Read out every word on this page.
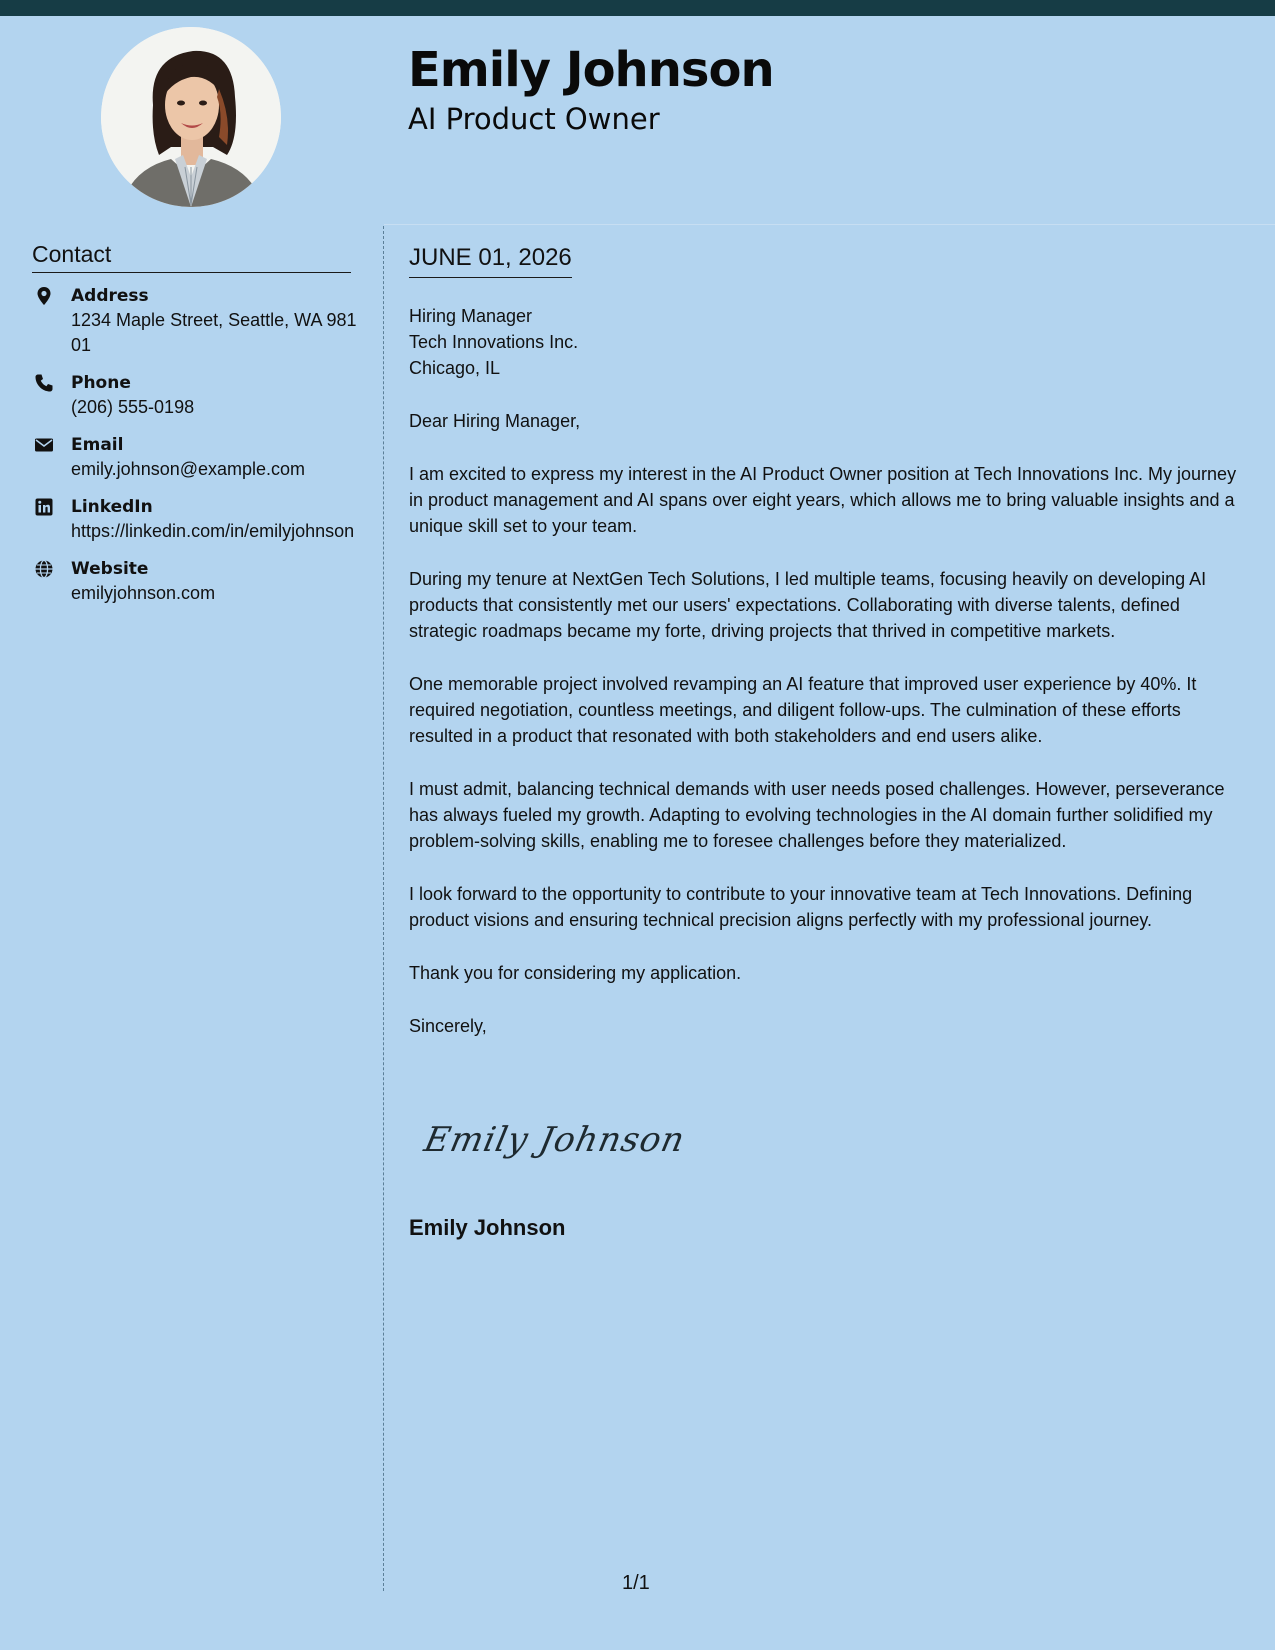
Emily Johnson
AI Product Owner
Contact
Address
1234 Maple Street, Seattle, WA 98101
Phone
(206) 555-0198
Email
emily.johnson@example.com
LinkedIn
https://linkedin.com/in/emilyjohnson
Website
emilyjohnson.com
JUNE 01, 2026
Hiring Manager
Tech Innovations Inc.
Chicago, IL

Dear Hiring Manager,

I am excited to express my interest in the AI Product Owner position at Tech Innovations Inc. My journey in product management and AI spans over eight years, which allows me to bring valuable insights and a unique skill set to your team.

During my tenure at NextGen Tech Solutions, I led multiple teams, focusing heavily on developing AI products that consistently met our users' expectations. Collaborating with diverse talents, defined strategic roadmaps became my forte, driving projects that thrived in competitive markets.

One memorable project involved revamping an AI feature that improved user experience by 40%. It required negotiation, countless meetings, and diligent follow-ups. The culmination of these efforts resulted in a product that resonated with both stakeholders and end users alike.

I must admit, balancing technical demands with user needs posed challenges. However, perseverance has always fueled my growth. Adapting to evolving technologies in the AI domain further solidified my problem-solving skills, enabling me to foresee challenges before they materialized.

I look forward to the opportunity to contribute to your innovative team at Tech Innovations. Defining product visions and ensuring technical precision aligns perfectly with my professional journey.

Thank you for considering my application.

Sincerely,

Emily Johnson
Emily Johnson
1/1
